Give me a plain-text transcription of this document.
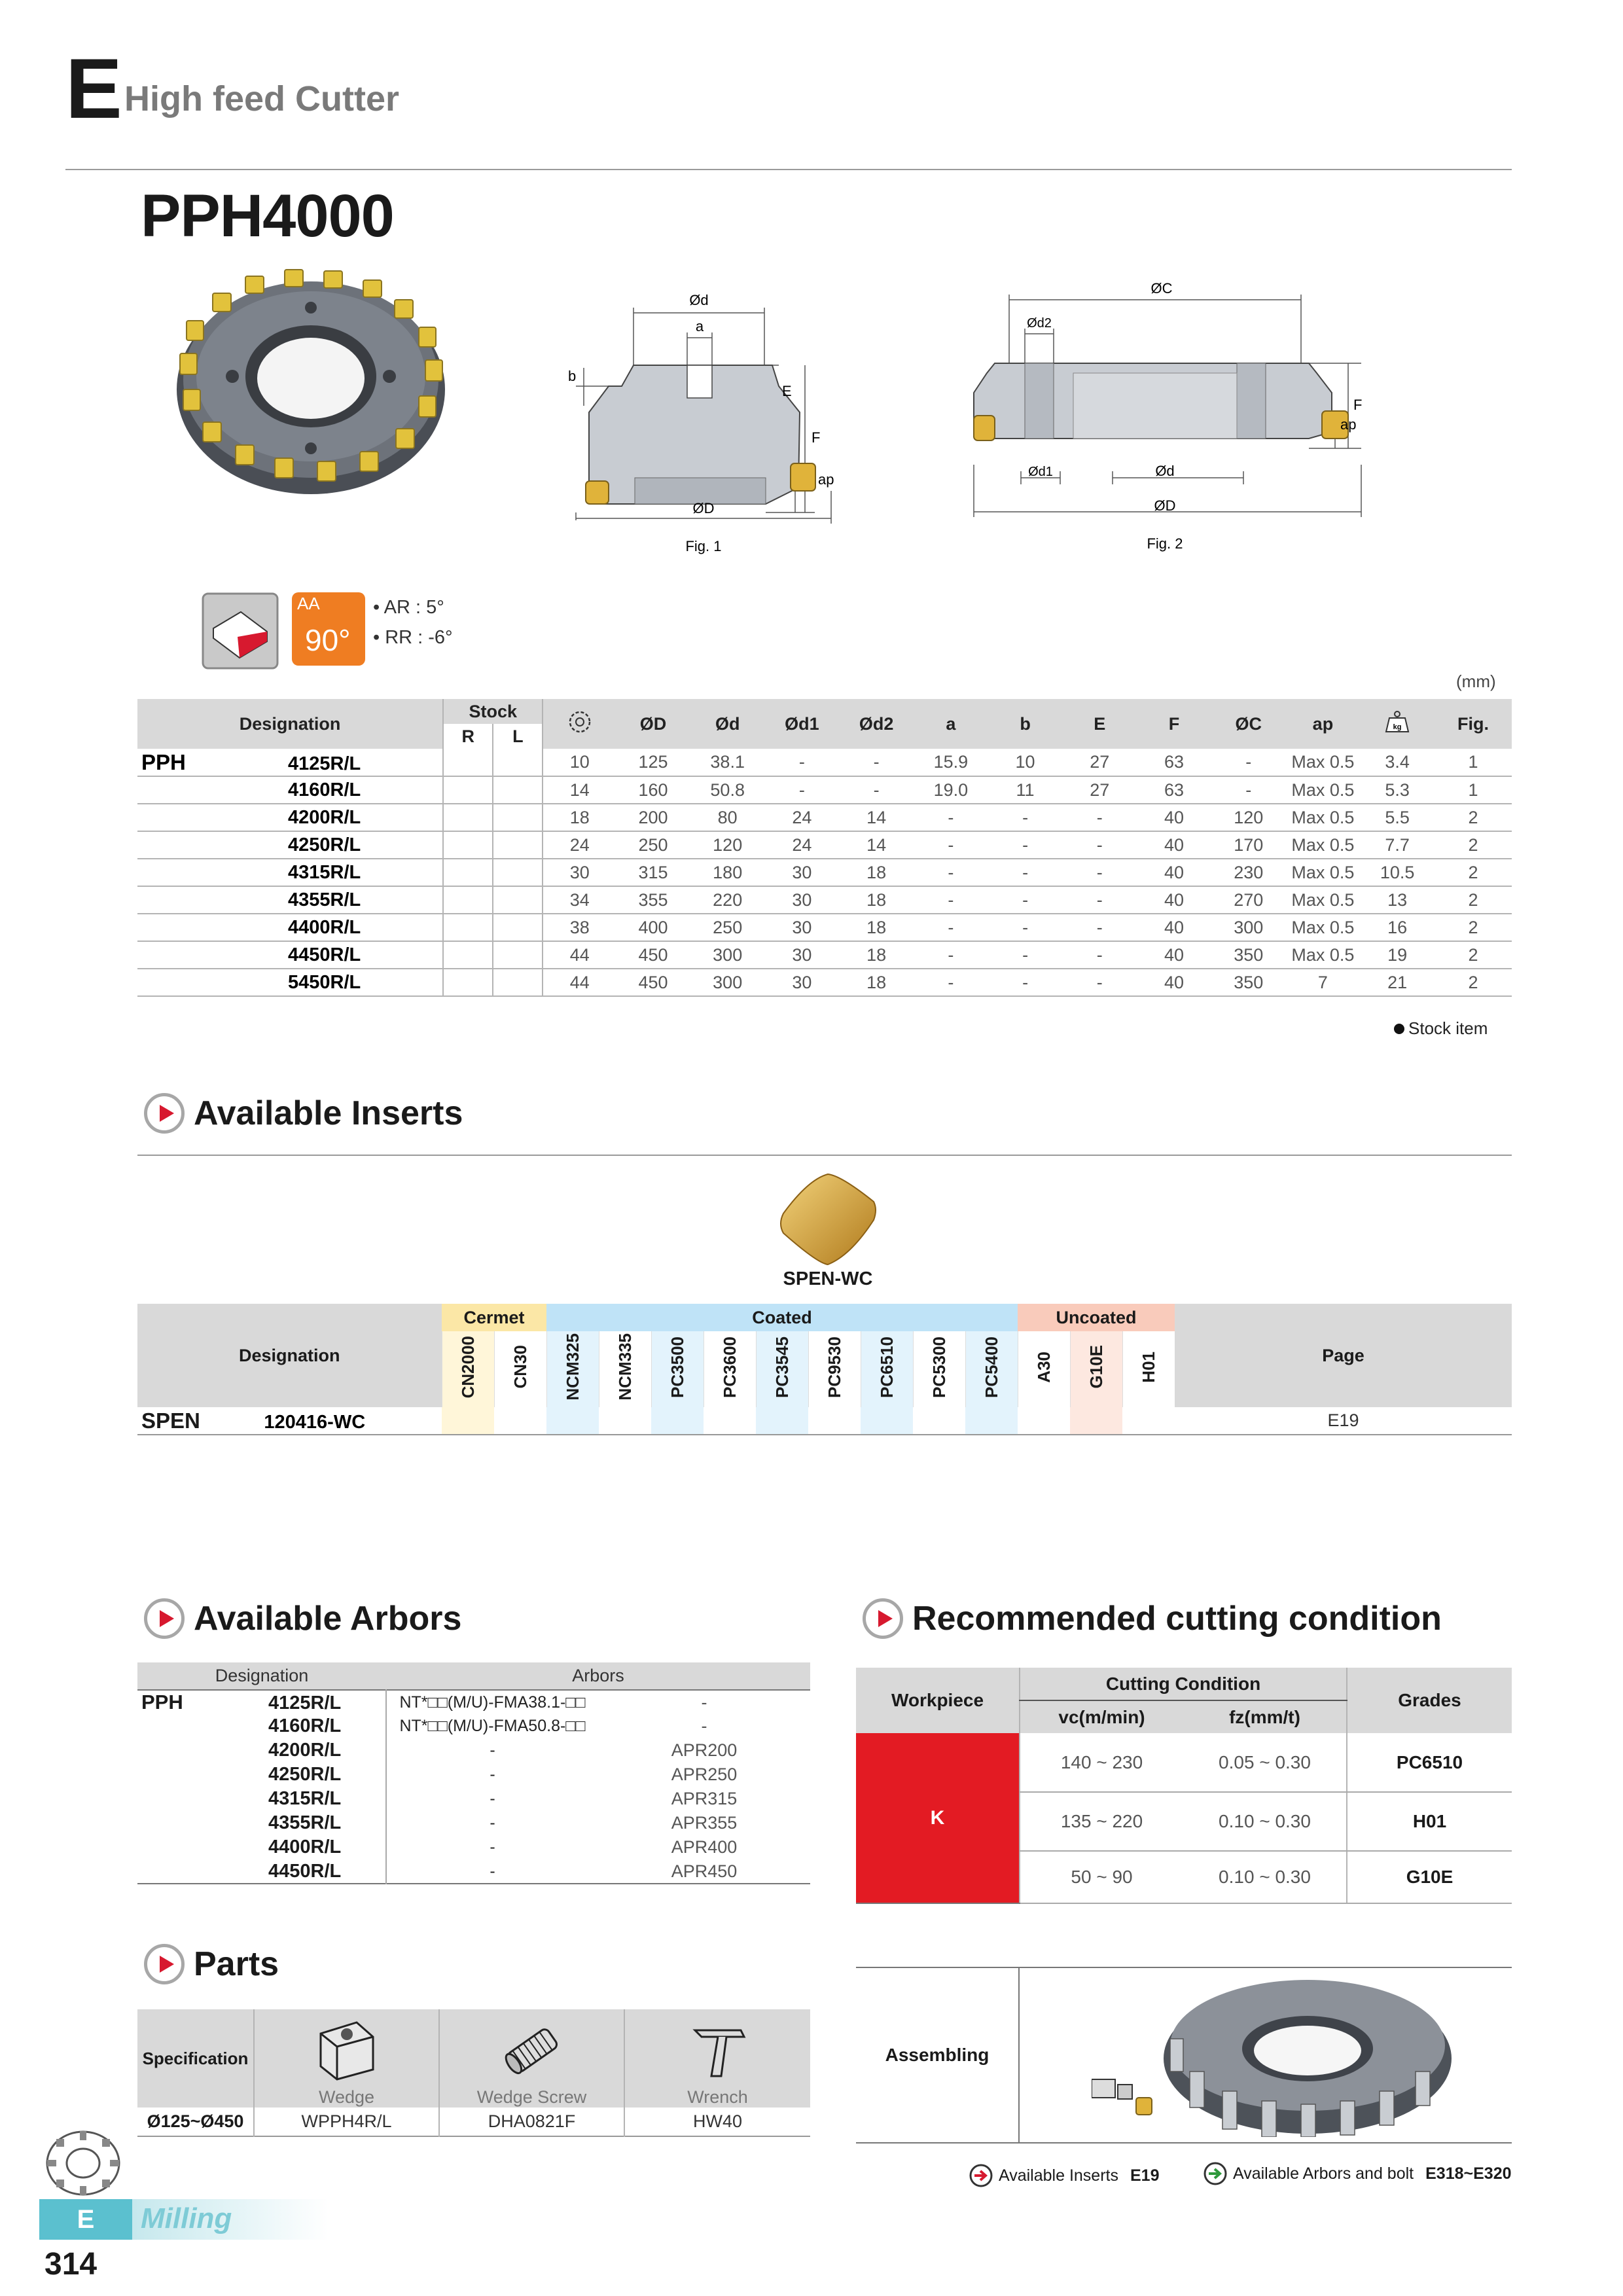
E High feed Cutter
PPH4000
Ød
a
b
E
F
ap
ØD
Fig. 1
ØC
Ød2
F
ap
Ød1	Ød
ØD
Fig. 2
AA
90°
• AR : 5°
• RR : -6°
(mm)
Designation	Stock			ØD	Ød	Ød1	Ød2	a	b	E	F	ØC	ap	kg	Fig.
	R	L													
PPH 4125R/L			10	125	38.1	-	-	15.9	10	27	63	-	Max 0.5	3.4	1
4160R/L			14	160	50.8	-	-	19.0	11	27	63	-	Max 0.5	5.3	1
4200R/L			18	200	80	24	14	-	-	-	40	120	Max 0.5	5.5	2
4250R/L			24	250	120	24	14	-	-	-	40	170	Max 0.5	7.7	2
4315R/L			30	315	180	30	18	-	-	-	40	230	Max 0.5	10.5	2
4355R/L			34	355	220	30	18	-	-	-	40	270	Max 0.5	13	2
4400R/L			38	400	250	30	18	-	-	-	40	300	Max 0.5	16	2
4450R/L			44	450	300	30	18	-	-	-	40	350	Max 0.5	19	2
5450R/L			44	450	300	30	18	-	-	-	40	350	7	21	2
Stock item
Available Inserts
SPEN-WC
Designation	Cermet		Coated									Uncoated			Page
	CN2000	CN30	NCM325	NCM335	PC3500	PC3600	PC3545	PC9530	PC6510	PC5300	PC5400	A30	G10E	H01	
SPEN 120416-WC															E19
Available Arbors
Designation	Arbors	
PPH 4125R/L	NT*□□(M/U)-FMA38.1-□□	-
4160R/L	NT*□□(M/U)-FMA50.8-□□	-
4200R/L	-	APR200
4250R/L	-	APR250
4315R/L	-	APR315
4355R/L	-	APR355
4400R/L	-	APR400
4450R/L	-	APR450
Parts
Specification	Wedge	Wedge Screw	Wrench
Ø125~Ø450	WPPH4R/L	DHA0821F	HW40
Recommended cutting condition
Workpiece	Cutting Condition		Grades
	vc(m/min)	fz(mm/t)	
K	140 ~ 230	0.05 ~ 0.30	PC6510
	135 ~ 220	0.10 ~ 0.30	H01
	50 ~ 90	0.10 ~ 0.30	G10E
Assembling
Available Inserts E19	Available Arbors and bolt E318~E320
E	Milling
314
